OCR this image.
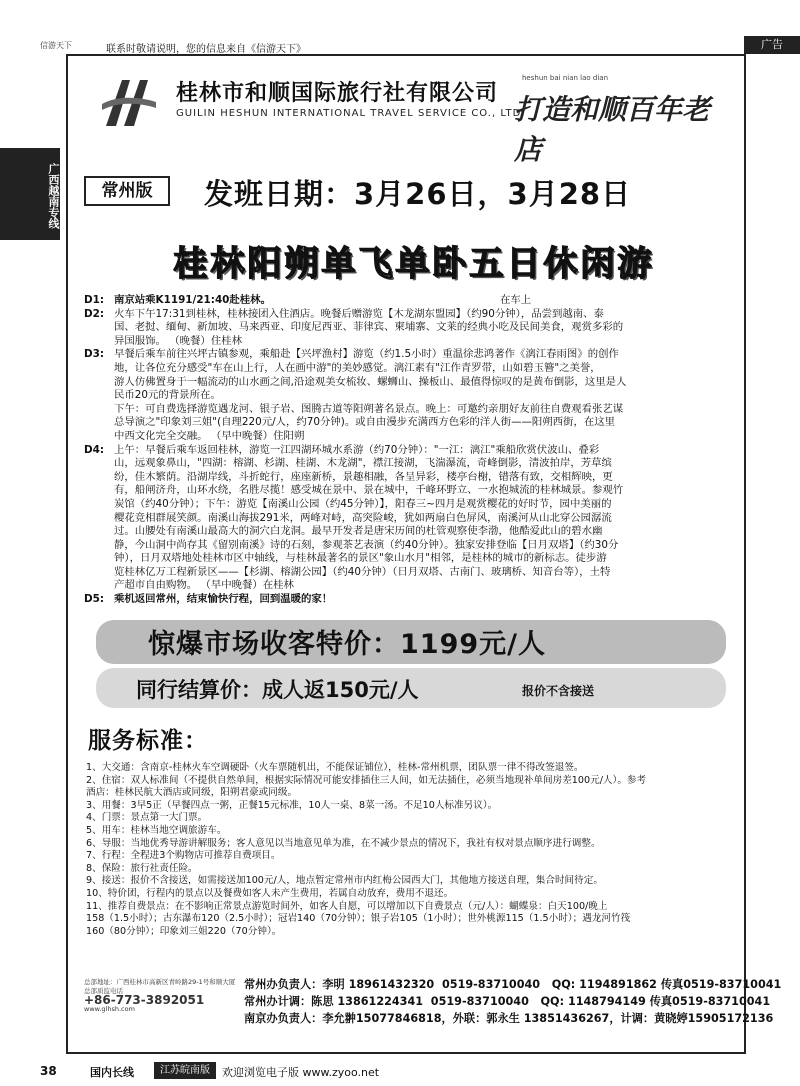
信游天下	联系时敬请说明，您的信息来自《信游天下》	广告
广西越南专线
桂林市和顺国际旅行社有限公司
GUILIN HESHUN INTERNATIONAL TRAVEL SERVICE CO., LTD.
heshun bai nian lao dian
打造和顺百年老店
常州版	发班日期：3月26日，3月28日
桂林阳朔单飞单卧五日休闲游
D1: 南京站乘K1191/21:40赴桂林。	在车上
D2: 火车下午17:31到桂林，桂林接团入住酒店。晚餐后赠游览【木龙湖东盟园】（约90分钟），品尝到越南、泰
国、老挝、缅甸、新加坡、马来西亚、印度尼西亚、菲律宾、柬埔寨、文莱的经典小吃及民间美食，观赏多彩的
异国服饰。 （晚餐）住桂林
D3: 早餐后乘车前往兴坪古镇参观，乘船赴【兴坪漁村】游览（约1.5小时）重温徐悲鸿著作《漓江春雨图》的创作
地，让各位充分感受"车在山上行，人在画中游"的美妙感觉。漓江素有"江作青罗带，山如碧玉簪"之美誉，
游人仿佛置身于一幅流动的山水画之间,沿途观美女梳妆、螺蛳山、操板山、最值得惊叹的是黄布倒影，这里是人
民币20元的背景所在。
下午：可自费选择游览遇龙河、银子岩、图腾古道等阳朔著名景点。晚上：可邀约亲朋好友前往自费观看张艺谋
总导演之"印象刘三姐"(自理220元/人，约70分钟)。或自由漫步充满西方色彩的洋人街——阳朔西街，在这里
中西文化完全交融。 （早中晚餐）住阳朔
D4: 上午：早餐后乘车返回桂林，游览一江四湖环城水系游（约70分钟）："一江：漓江"乘船欣赏伏波山、叠彩
山，远观象鼻山，"四湖：榕湖、杉湖、桂湖、木龙湖"，襟江接湖，飞湍瀑流，奇峰倒影，清波拍岸，芳草缤
纷，佳木繁荫。沿湖岸线，斗折蛇行，座座新桥，景趣相融，各呈异彩，楼亭台榭，错落有致，交相辉映，更
有，船闸济舟，山环水绕，名胜尽揽！感受城在景中、景在城中，千峰环野立、一水抱城流的桂林城景。参观竹
炭馆（约40分钟）；下午：游览【南溪山公园（约45分钟）】，阳春三~四月是观赏樱花的好时节，园中美丽的
樱花竞相群展笑颜。南溪山海拔291米，两峰对峙，高突险峻，犹如两扇白色屏风，南溪河从山北穿公园潺流
过。山腰处有南溪山最高大的洞穴白龙洞。最早开发者是唐宋历间的杜管观察使李渤，他酷爱此山的碧水幽
静，今山洞中尚存其《留别南溪》诗的石刻，参观茶艺表演（约40分钟）。独家安排登临【日月双塔】（约30分
钟），日月双塔地处桂林市区中轴线，与桂林最著名的景区"象山水月"相邻，是桂林的城市的新标志。徒步游
览桂林亿万工程新景区——【杉湖、榕湖公园】（约40分钟）（日月双塔、古南门、玻璃桥、知音台等），土特
产超市自由购物。 （早中晚餐）在桂林
D5: 乘机返回常州，结束愉快行程，回到温暖的家！
惊爆市场收客特价：1199元/人
同行结算价：成人返150元/人	报价不含接送
服务标准：
1、大交通：含南京-桂林火车空调硬卧（火车票随机出，不能保证铺位），桂林-常州机票，团队票一律不得改签退签。
2、住宿：双人标准间（不提供自然单间，根据实际情况可能安排插住三人间，如无法插住，必须当地现补单间房差100元/人）。参考
酒店：桂林民航大酒店或同级，阳朔君豪或同级。
3、用餐：3早5正（早餐四点一粥，正餐15元标准，10人一桌、8菜一汤。不足10人标准另议）。
4、门票：景点第一大门票。
5、用车：桂林当地空调旅游车。
6、导服：当地优秀导游讲解服务；客人意见以当地意见单为准，在不减少景点的情况下，我社有权对景点顺序进行调整。
7、行程：全程进3个购物店可推荐自费项目。
8、保险：旅行社责任险。
9、接送：报价不含接送，如需接送加100元/人，地点暂定常州市内红梅公园西大门，其他地方接送自理，集合时间待定。
10、特价团，行程内的景点以及餐费如客人未产生费用，若属自动放弃，费用不退还。
11、推荐自费景点：在不影响正常景点游览时间外，如客人自愿，可以增加以下自费景点（元/人）：蝴蝶泉：白天100/晚上
158（1.5小时）；古东瀑布120（2.5小时）；冠岩140（70分钟）；银子岩105（1小时）；世外桃源115（1.5小时）；遇龙河竹筏
160（80分钟）；印象刘三姐220（70分钟）。
总部地址：广西桂林市高新区青岭路29-1号和顺大厦
总部质监电话
+86-773-3892051
www.glhsh.com
常州办负责人：李明 18961432320  0519-83710040   QQ: 1194891862 传真0519-83710041
常州办计调：陈思 13861224341  0519-83710040   QQ: 1148794149 传真0519-83710041
南京办负责人：李允翀15077846818，外联：郭永生 13851436267，计调：黄晓婷15905172136
38	国内长线	江苏皖南版	欢迎浏览电子版 www.zyoo.net
